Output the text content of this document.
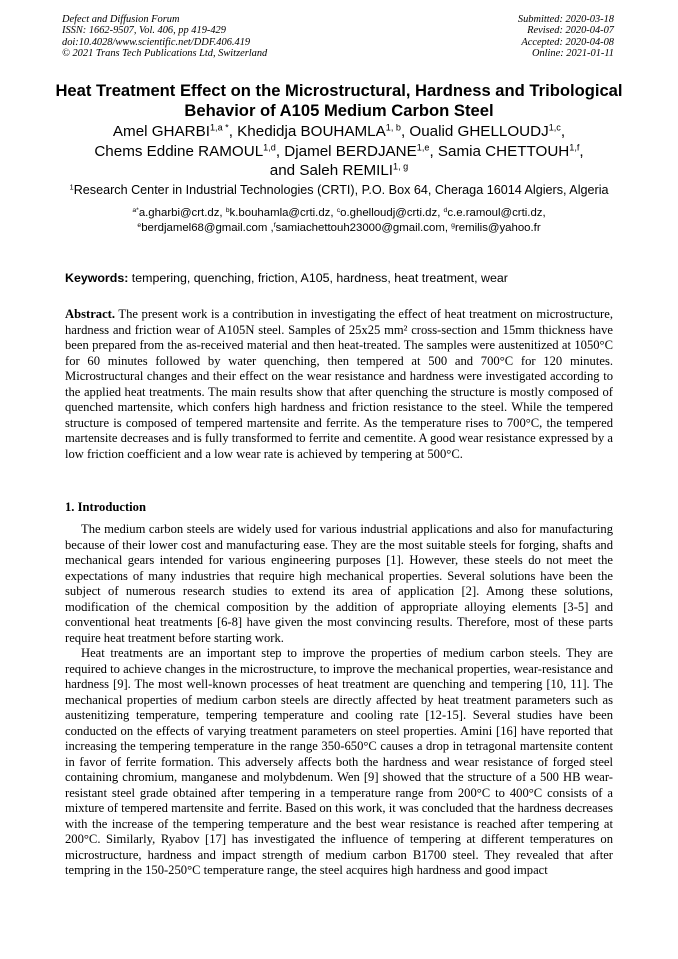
Defect and Diffusion Forum
ISSN: 1662-9507, Vol. 406, pp 419-429
doi:10.4028/www.scientific.net/DDF.406.419
© 2021 Trans Tech Publications Ltd, Switzerland
Submitted: 2020-03-18
Revised: 2020-04-07
Accepted: 2020-04-08
Online: 2021-01-11
Heat Treatment Effect on the Microstructural, Hardness and Tribological
Behavior of A105 Medium Carbon Steel
Amel $GHARBI^{1,a *}$, Khedidja BOUHAMLA$^{1, b}$, Oualid GHELLOUDJ$^{1,c}$,
Chems Eddine RAMOUL$^{1,d}$, Djamel BERDJANE$^{1,e}$, Samia CHETTOUH$^{1,f}$,
and Saleh REMILI$^{1, g}$
$^1$Research Center in Industrial Technologies (CRTI), P.O. Box 64, Cheraga 16014 Algiers, Algeria
$^{a*}$a.gharbi@crt.dz, $^b$k.bouhamla@crti.dz, $^c$o.ghelloudj@crti.dz, $^d$c.e.ramoul@crti.dz,
$^e$berdjamel68@gmail.com ,$^f$samiachettouh23000@gmail.com, $^g$remilis@yahoo.fr
Keywords: tempering, quenching, friction, A105, hardness, heat treatment, wear
Abstract. The present work is a contribution in investigating the effect of heat treatment on microstructure, hardness and friction wear of A105N steel. Samples of 25x25 mm² cross-section and 15mm thickness have been prepared from the as-received material and then heat-treated. The samples were austenitized at 1050°C for 60 minutes followed by water quenching, then tempered at 500 and 700°C for 120 minutes. Microstructural changes and their effect on the wear resistance and hardness were investigated according to the applied heat treatments. The main results show that after quenching the structure is mostly composed of quenched martensite, which confers high hardness and friction resistance to the steel. While the tempered structure is composed of tempered martensite and ferrite. As the temperature rises to 700°C, the tempered martensite decreases and is fully transformed to ferrite and cementite. A good wear resistance expressed by a low friction coefficient and a low wear rate is achieved by tempering at 500°C.
1. Introduction

The medium carbon steels are widely used for various industrial applications and also for manufacturing because of their lower cost and manufacturing ease. They are the most suitable steels for forging, shafts and mechanical gears intended for various engineering purposes [1]. However, these steels do not meet the expectations of many industries that require high mechanical properties. Several solutions have been the subject of numerous research studies to extend its area of application [2]. Among these solutions, modification of the chemical composition by the addition of appropriate alloying elements [3-5] and conventional heat treatments [6-8] have given the most convincing results. Therefore, most of these parts require heat treatment before starting work.

Heat treatments are an important step to improve the properties of medium carbon steels. They are required to achieve changes in the microstructure, to improve the mechanical properties, wear-resistance and hardness [9]. The most well-known processes of heat treatment are quenching and tempering [10, 11]. The mechanical properties of medium carbon steels are directly affected by heat treatment parameters such as austenitizing temperature, tempering temperature and cooling rate [12-15]. Several studies have been conducted on the effects of varying treatment parameters on steel properties. Amini [16] have reported that increasing the tempering temperature in the range 350-650°C causes a drop in tetragonal martensite content in favor of ferrite formation. This adversely affects both the hardness and wear resistance of forged steel containing chromium, manganese and molybdenum. Wen [9] showed that the structure of a 500 HB wear-resistant steel grade obtained after tempering in a temperature range from 200°C to 400°C consists of a mixture of tempered martensite and ferrite. Based on this work, it was concluded that the hardness decreases with the increase of the tempering temperature and the best wear resistance is reached after tempering at 200°C. Similarly, Ryabov [17] has investigated the influence of tempering at different temperatures on microstructure, hardness and impact strength of medium carbon B1700 steel. They revealed that after tempring in the 150-250°C temperature range, the steel acquires high hardness and good impact
